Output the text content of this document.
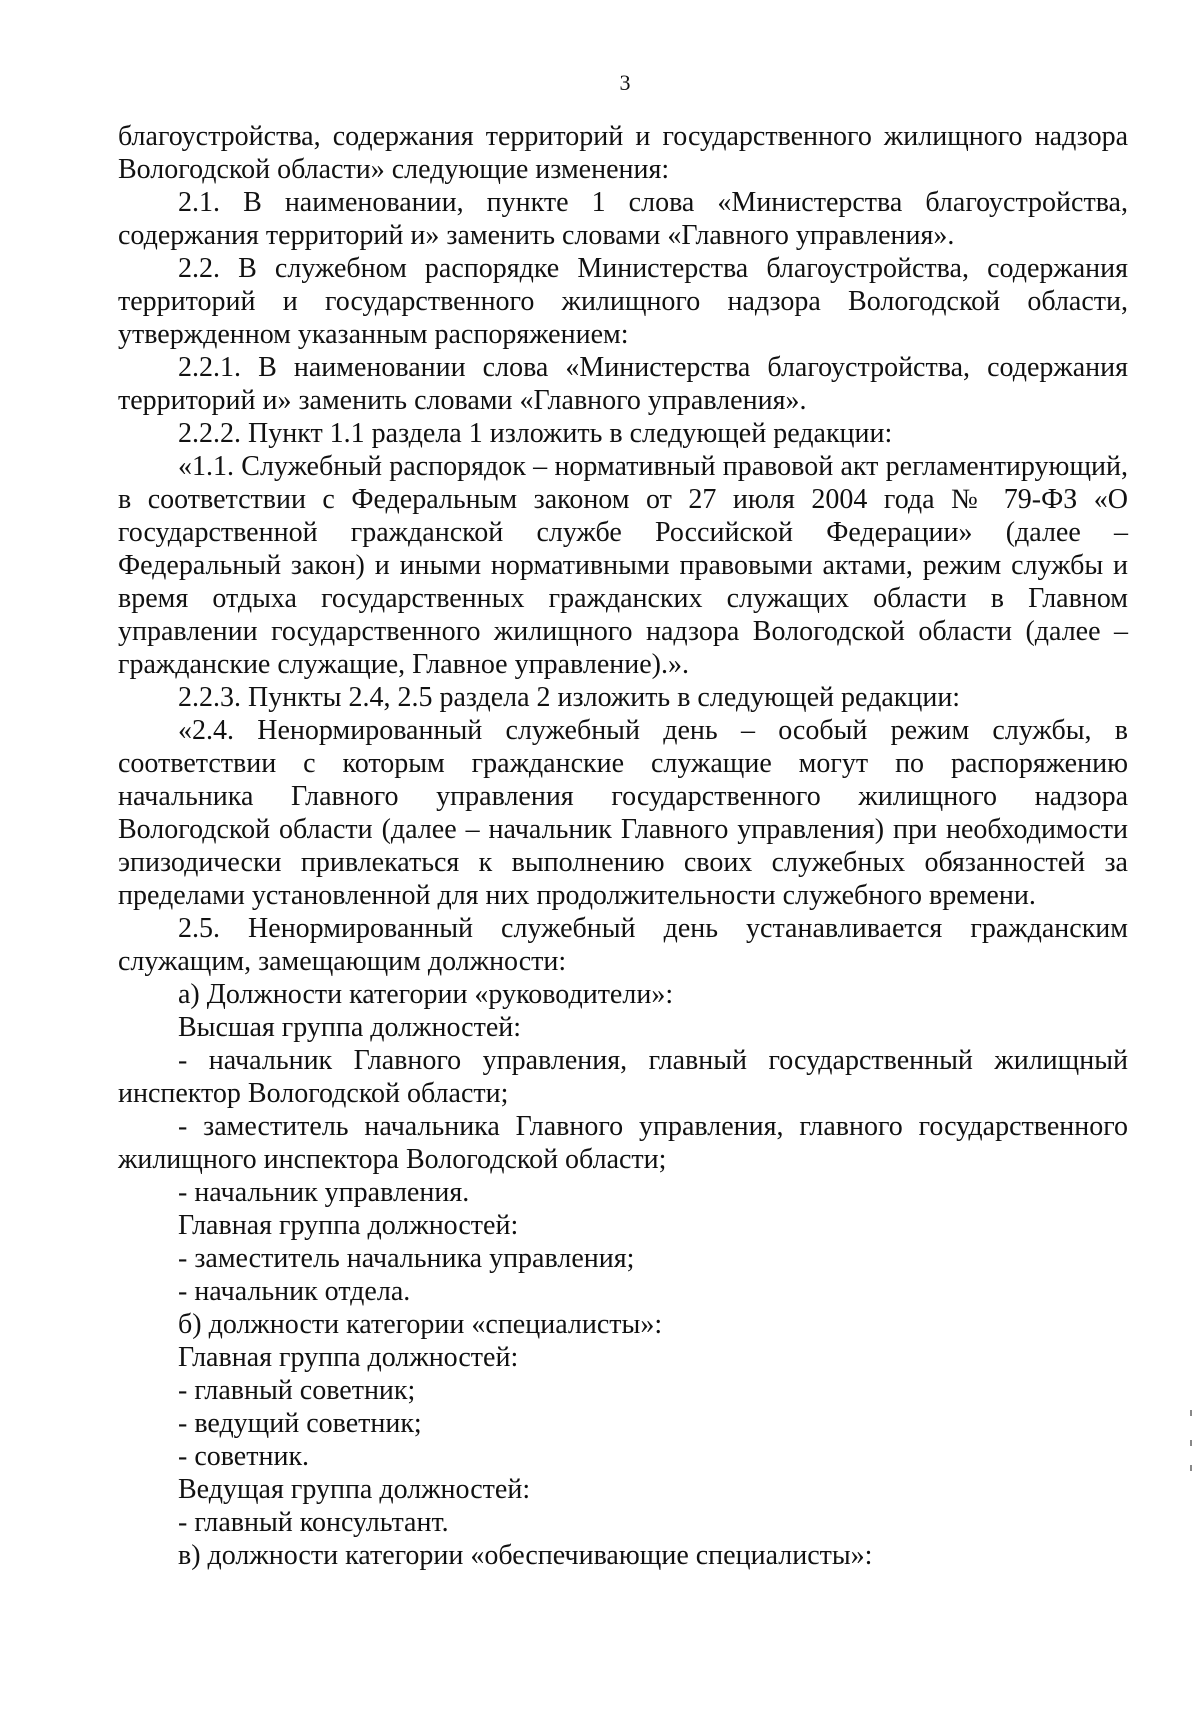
3

благоустройства, содержания территорий и государственного жилищного надзора Вологодской области» следующие изменения:

2.1. В наименовании, пункте 1 слова «Министерства благоустройства, содержания территорий и» заменить словами «Главного управления».

2.2. В служебном распорядке Министерства благоустройства, содержания территорий и государственного жилищного надзора Вологодской области, утвержденном указанным распоряжением:

2.2.1. В наименовании слова «Министерства благоустройства, содержания территорий и» заменить словами «Главного управления».

2.2.2. Пункт 1.1 раздела 1 изложить в следующей редакции:

«1.1. Служебный распорядок – нормативный правовой акт регламентирующий, в соответствии с Федеральным законом от 27 июля 2004 года № 79-ФЗ «О государственной гражданской службе Российской Федерации» (далее – Федеральный закон) и иными нормативными правовыми актами, режим службы и время отдыха государственных гражданских служащих области в Главном управлении государственного жилищного надзора Вологодской области (далее – гражданские служащие, Главное управление).».

2.2.3. Пункты 2.4, 2.5 раздела 2 изложить в следующей редакции:

«2.4. Ненормированный служебный день – особый режим службы, в соответствии с которым гражданские служащие могут по распоряжению начальника Главного управления государственного жилищного надзора Вологодской области (далее – начальник Главного управления) при необходимости эпизодически привлекаться к выполнению своих служебных обязанностей за пределами установленной для них продолжительности служебного времени.

2.5. Ненормированный служебный день устанавливается гражданским служащим, замещающим должности:

а) Должности категории «руководители»:

Высшая группа должностей:

- начальник Главного управления, главный государственный жилищный инспектор Вологодской области;

- заместитель начальника Главного управления, главного государственного жилищного инспектора Вологодской области;

- начальник управления.

Главная группа должностей:

- заместитель начальника управления;

- начальник отдела.

б) должности категории «специалисты»:

Главная группа должностей:

- главный советник;

- ведущий советник;

- советник.

Ведущая группа должностей:

- главный консультант.

в) должности категории «обеспечивающие специалисты»:
